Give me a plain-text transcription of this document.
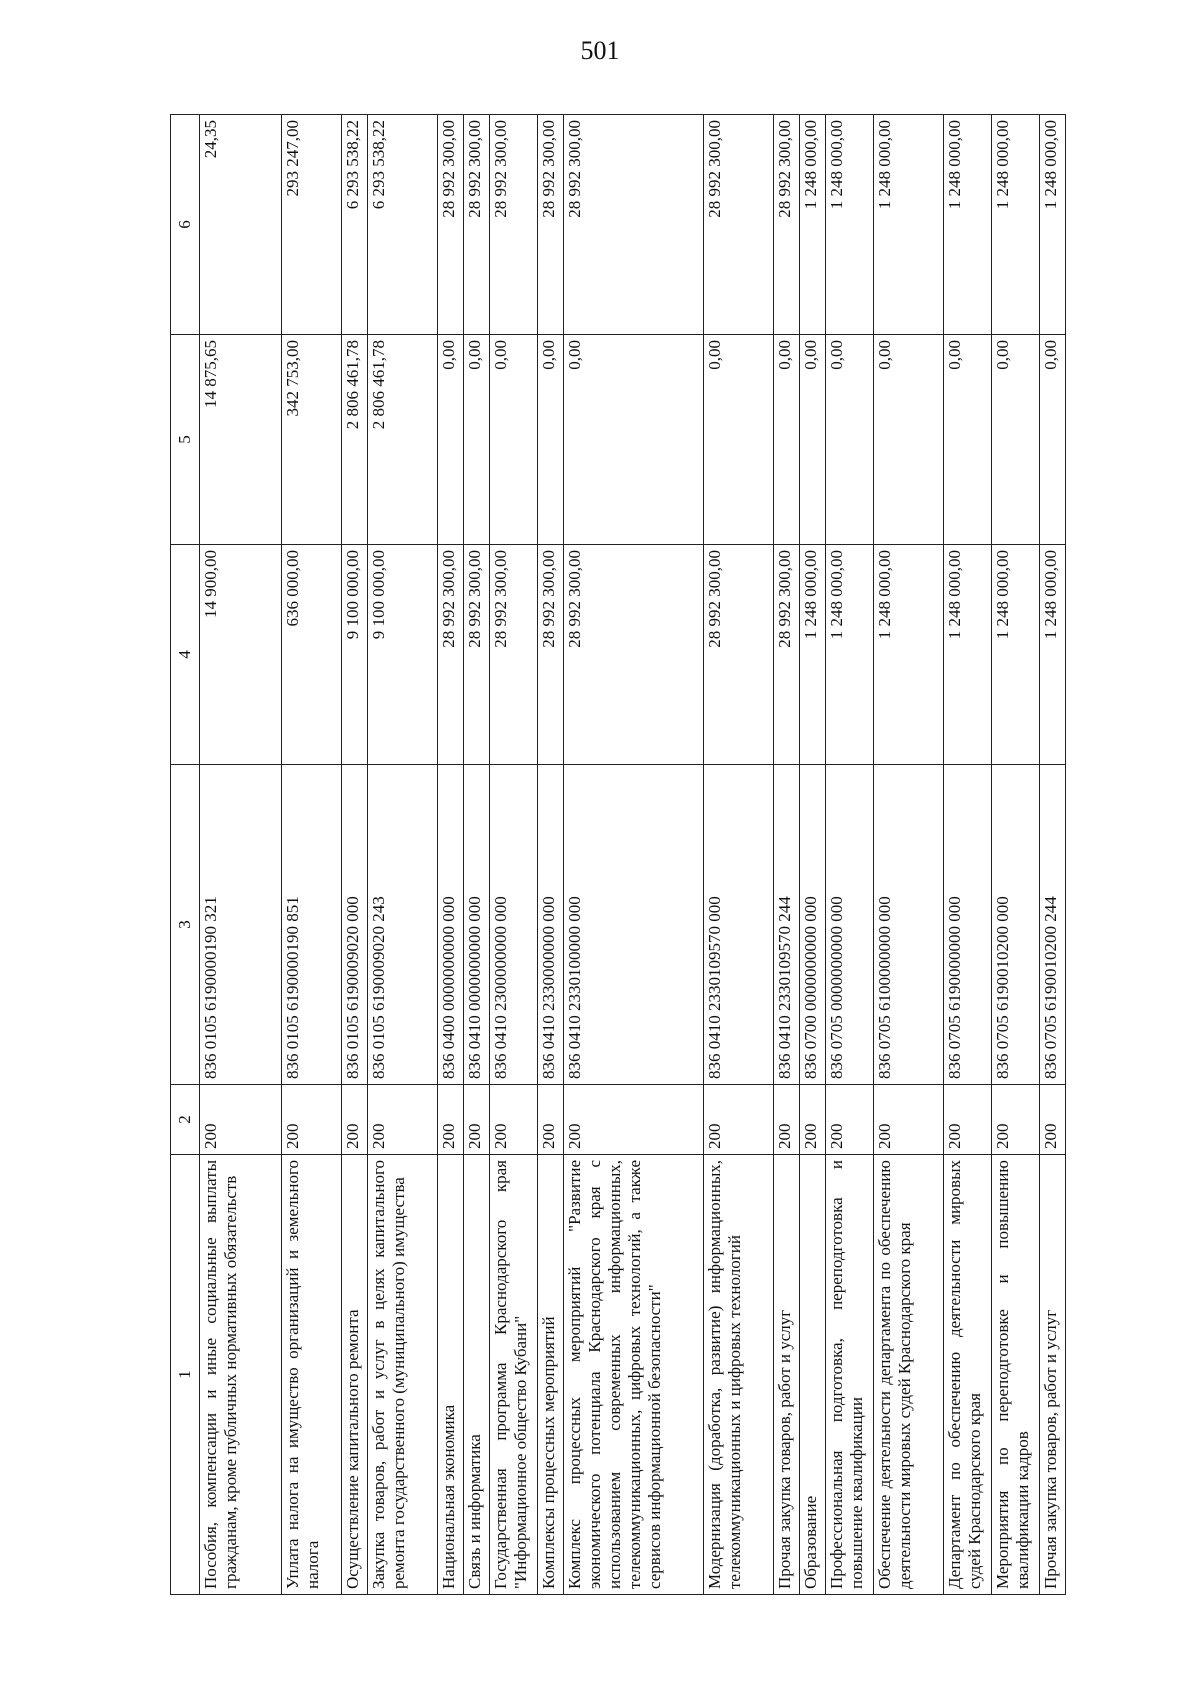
501
1	2	3	4	5	6
Пособия, компенсации и иные социальные выплаты гражданам, кроме публичных нормативных обязательств	200	836 0105 6190000190 321	14 900,00	14 875,65	24,35
Уплата налога на имущество организаций и земельного налога	200	836 0105 6190000190 851	636 000,00	342 753,00	293 247,00
Осуществление капитального ремонта	200	836 0105 6190009020 000	9 100 000,00	2 806 461,78	6 293 538,22
Закупка товаров, работ и услуг в целях капитального ремонта государственного (муниципального) имущества	200	836 0105 6190009020 243	9 100 000,00	2 806 461,78	6 293 538,22
Национальная экономика	200	836 0400 0000000000 000	28 992 300,00	0,00	28 992 300,00
Связь и информатика	200	836 0410 0000000000 000	28 992 300,00	0,00	28 992 300,00
Государственная программа Краснодарского края "Информационное общество Кубани"	200	836 0410 2300000000 000	28 992 300,00	0,00	28 992 300,00
Комплексы процессных мероприятий	200	836 0410 2330000000 000	28 992 300,00	0,00	28 992 300,00
Комплекс процессных мероприятий "Развитие экономического потенциала Краснодарского края с использованием современных информационных, телекоммуникационных, цифровых технологий, а также сервисов информационной безопасности"	200	836 0410 2330100000 000	28 992 300,00	0,00	28 992 300,00
Модернизация (доработка, развитие) информационных, телекоммуникационных и цифровых технологий	200	836 0410 2330109570 000	28 992 300,00	0,00	28 992 300,00
Прочая закупка товаров, работ и услуг	200	836 0410 2330109570 244	28 992 300,00	0,00	28 992 300,00
Образование	200	836 0700 0000000000 000	1 248 000,00	0,00	1 248 000,00
Профессиональная подготовка, переподготовка и повышение квалификации	200	836 0705 0000000000 000	1 248 000,00	0,00	1 248 000,00
Обеспечение деятельности департамента по обеспечению деятельности мировых судей Краснодарского края	200	836 0705 6100000000 000	1 248 000,00	0,00	1 248 000,00
Департамент по обеспечению деятельности мировых судей Краснодарского края	200	836 0705 6190000000 000	1 248 000,00	0,00	1 248 000,00
Мероприятия по переподготовке и повышению квалификации кадров	200	836 0705 6190010200 000	1 248 000,00	0,00	1 248 000,00
Прочая закупка товаров, работ и услуг	200	836 0705 6190010200 244	1 248 000,00	0,00	1 248 000,00
